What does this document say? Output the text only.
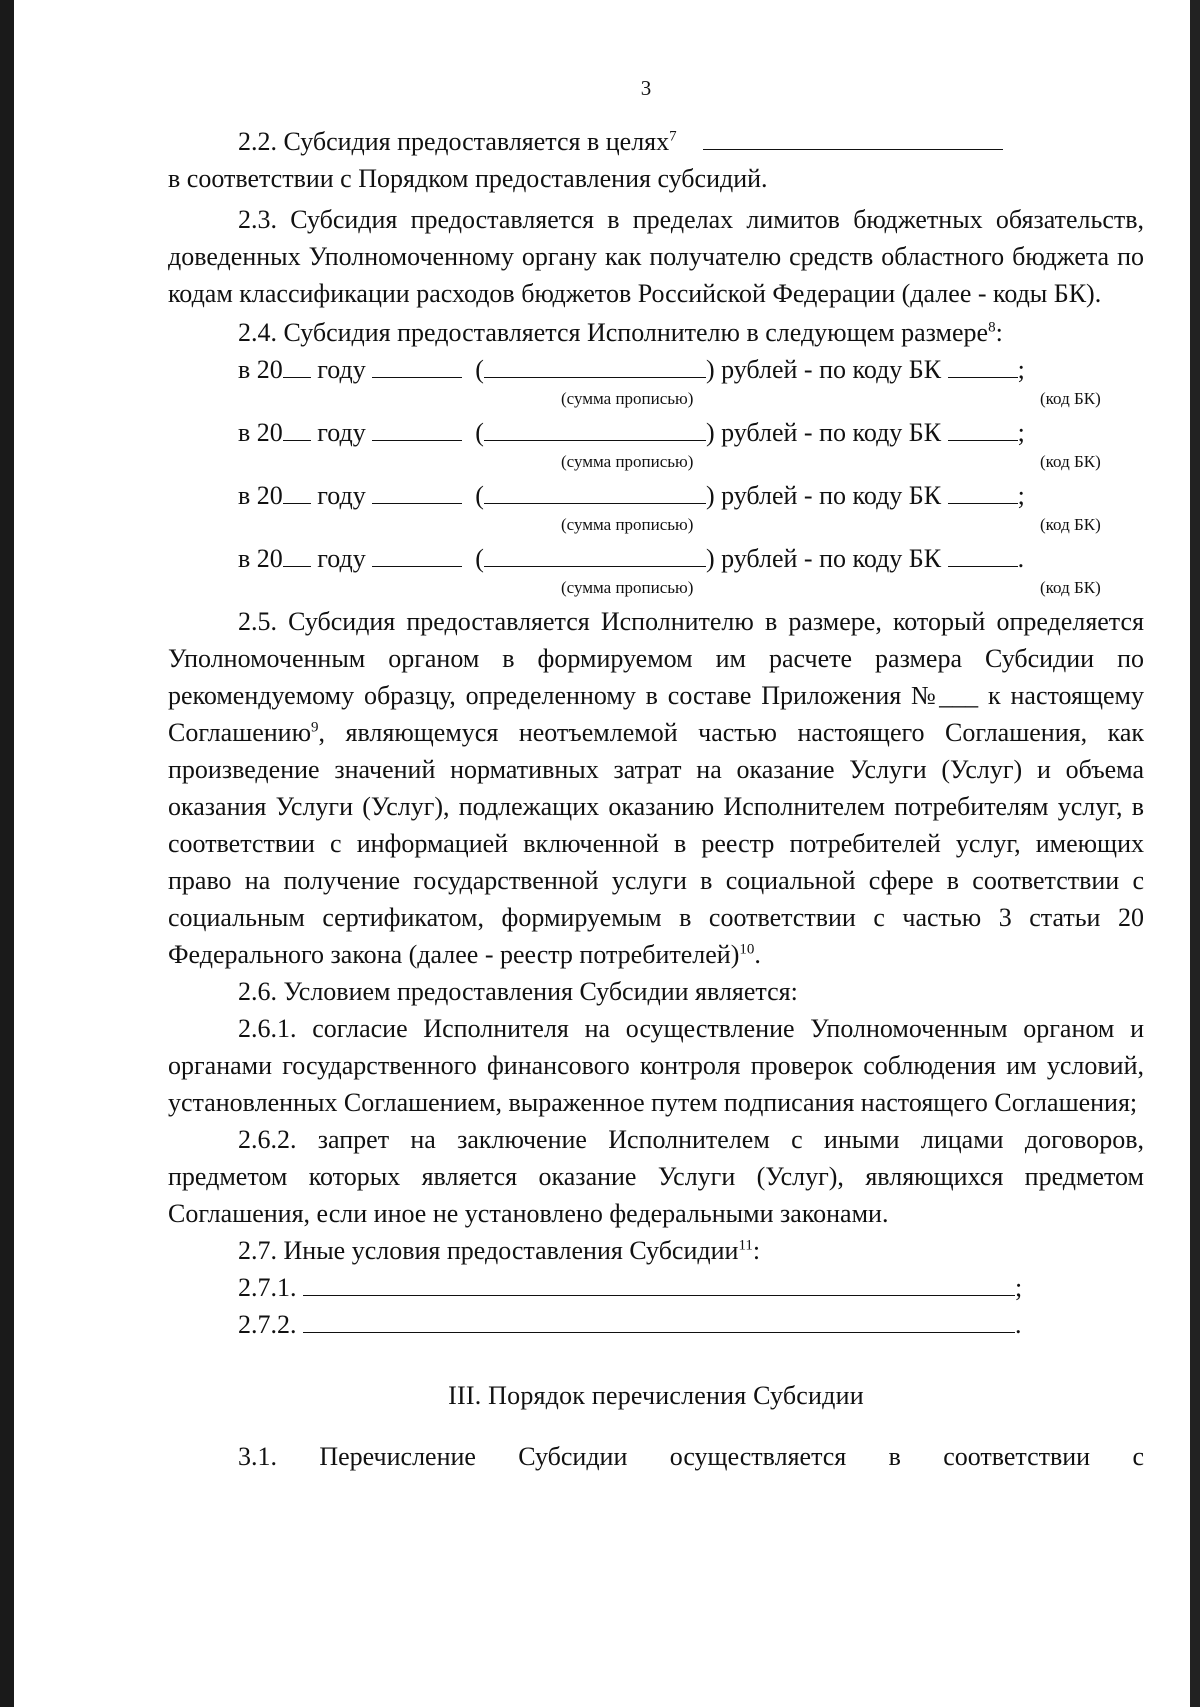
3

2.2. Субсидия предоставляется в целях$^7$
в соответствии с Порядком предоставления субсидий.

2.3. Субсидия предоставляется в пределах лимитов бюджетных обязательств, доведенных Уполномоченному органу как получателю средств областного бюджета по кодам классификации расходов бюджетов Российской Федерации (далее - коды БК).

2.4. Субсидия предоставляется Исполнителю в следующем размере$^8$:

в 20 году	(	) рублей - по коду БК	;
(сумма прописью)	(код БК)
в 20 году	(	) рублей - по коду БК	;
(сумма прописью)	(код БК)
в 20 году	(	) рублей - по коду БК	;
(сумма прописью)	(код БК)
в 20 году	(	) рублей - по коду БК	.
(сумма прописью)	(код БК)

2.5. Субсидия предоставляется Исполнителю в размере, который определяется Уполномоченным органом в формируемом им расчете размера Субсидии по рекомендуемому образцу, определенному в составе Приложения №___ к настоящему Соглашению$^9$, являющемуся неотъемлемой частью настоящего Соглашения, как произведение значений нормативных затрат на оказание Услуги (Услуг) и объема оказания Услуги (Услуг), подлежащих оказанию Исполнителем потребителям услуг, в соответствии с информацией включенной в реестр потребителей услуг, имеющих право на получение государственной услуги в социальной сфере в соответствии с социальным сертификатом, формируемым в соответствии с частью 3 статьи 20 Федерального закона (далее - реестр потребителей)$^{10}$.

2.6. Условием предоставления Субсидии является:

2.6.1. согласие Исполнителя на осуществление Уполномоченным органом и органами государственного финансового контроля проверок соблюдения им условий, установленных Соглашением, выраженное путем подписания настоящего Соглашения;

2.6.2. запрет на заключение Исполнителем с иными лицами договоров, предметом которых является оказание Услуги (Услуг), являющихся предметом Соглашения, если иное не установлено федеральными законами.

2.7. Иные условия предоставления Субсидии$^{11}$:

2.7.1.	;
2.7.2.	.
III. Порядок перечисления Субсидии
3.1. Перечисление Субсидии осуществляется в соответствии с
